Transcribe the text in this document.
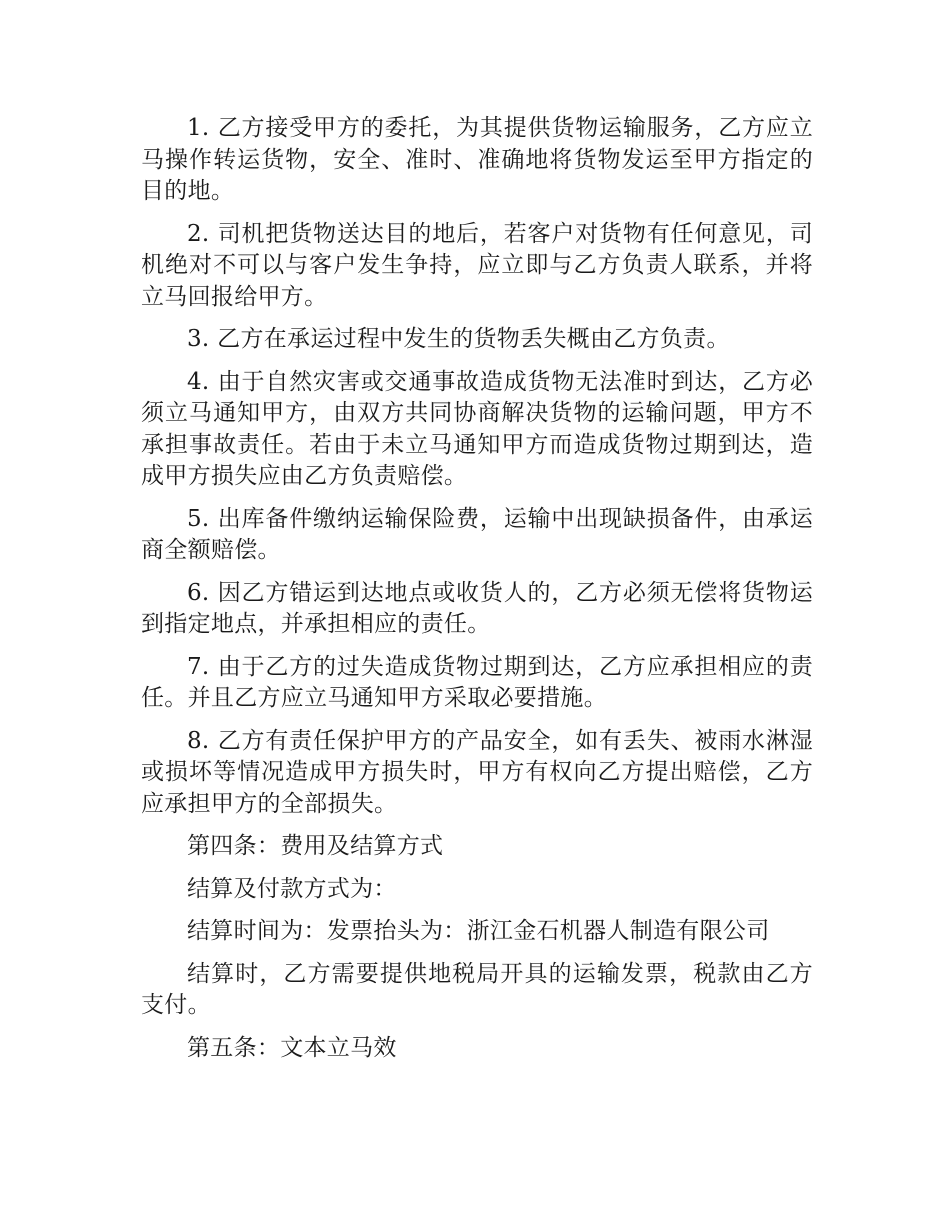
1. 乙方接受甲方的委托，为其提供货物运输服务，乙方应立马操作转运货物，安全、准时、准确地将货物发运至甲方指定的目的地。

2. 司机把货物送达目的地后，若客户对货物有任何意见，司机绝对不可以与客户发生争持，应立即与乙方负责人联系，并将立马回报给甲方。

3. 乙方在承运过程中发生的货物丢失概由乙方负责。

4. 由于自然灾害或交通事故造成货物无法准时到达，乙方必须立马通知甲方，由双方共同协商解决货物的运输问题，甲方不承担事故责任。若由于未立马通知甲方而造成货物过期到达，造成甲方损失应由乙方负责赔偿。

5. 出库备件缴纳运输保险费，运输中出现缺损备件，由承运商全额赔偿。

6. 因乙方错运到达地点或收货人的，乙方必须无偿将货物运到指定地点，并承担相应的责任。

7. 由于乙方的过失造成货物过期到达，乙方应承担相应的责任。并且乙方应立马通知甲方采取必要措施。

8. 乙方有责任保护甲方的产品安全，如有丢失、被雨水淋湿或损坏等情况造成甲方损失时，甲方有权向乙方提出赔偿，乙方应承担甲方的全部损失。

第四条：费用及结算方式

结算及付款方式为：

结算时间为：发票抬头为：浙江金石机器人制造有限公司

结算时，乙方需要提供地税局开具的运输发票，税款由乙方支付。

第五条：文本立马效
